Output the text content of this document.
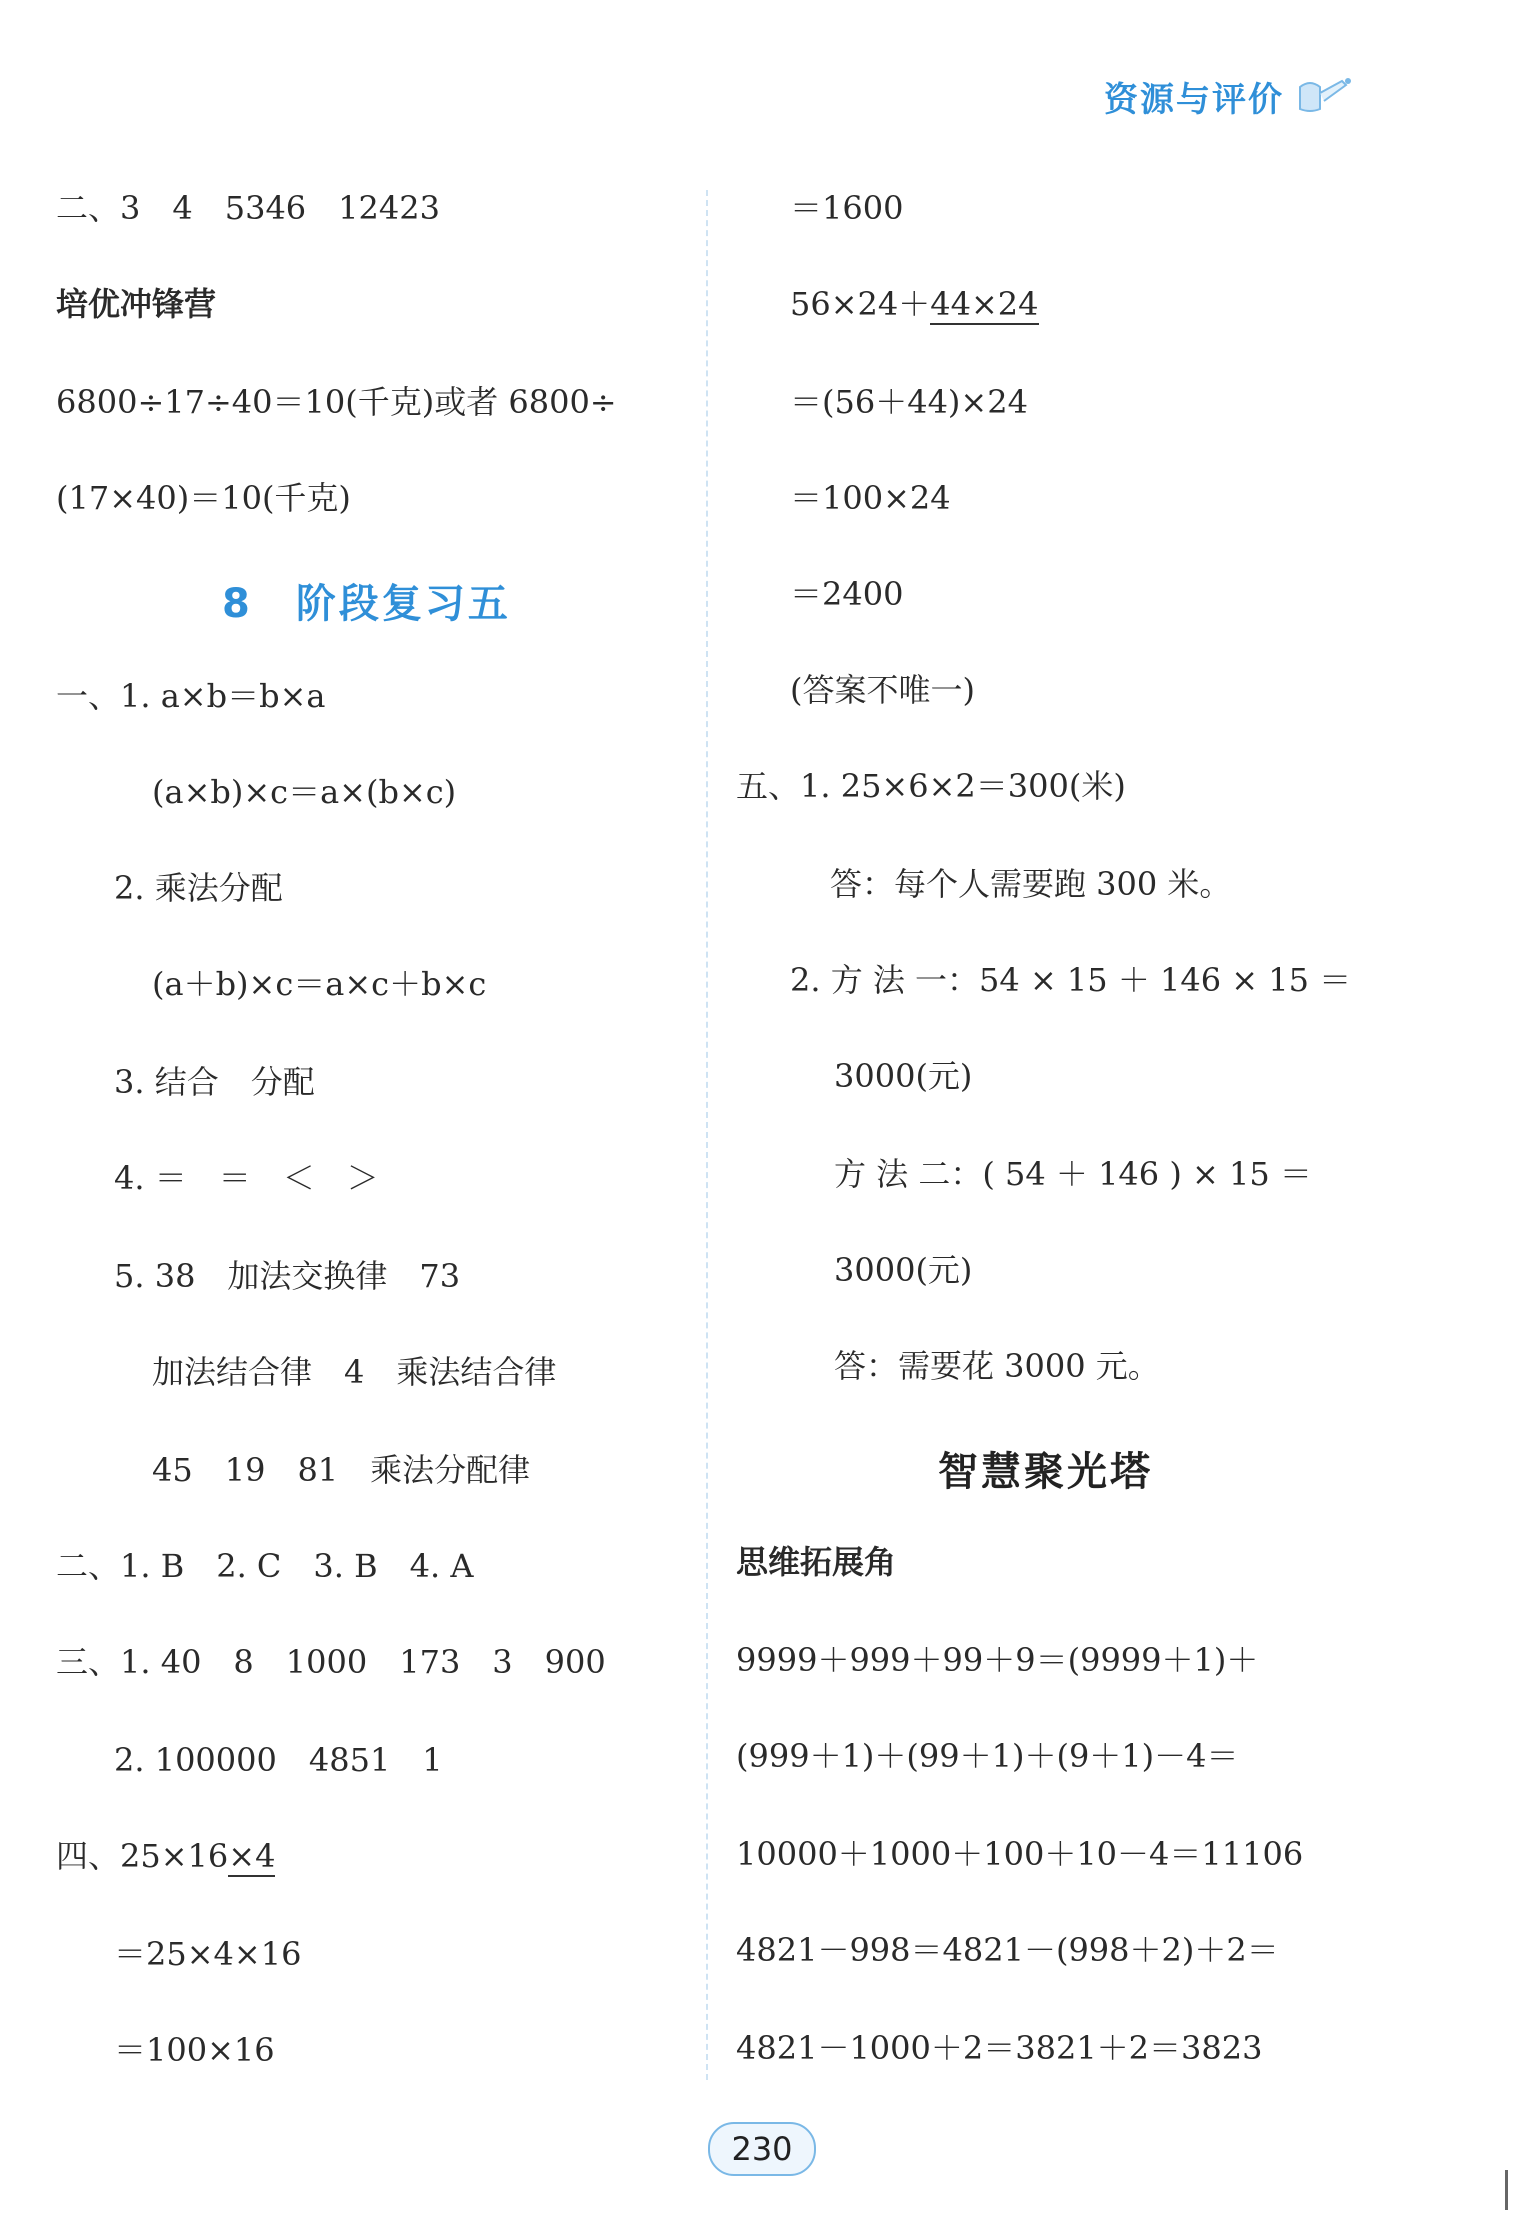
资源与评价
二、3　4　5346　12423
培优冲锋营
6800÷17÷40＝10(千克)或者 6800÷
(17×40)＝10(千克)
8　阶段复习五
一、1. a×b＝b×a
(a×b)×c＝a×(b×c)
2. 乘法分配
(a＋b)×c＝a×c＋b×c
3. 结合　分配
4. ＝　＝　＜　＞
5. 38　加法交换律　73
加法结合律　4　乘法结合律
45　19　81　乘法分配律
二、1. B　2. C　3. B　4. A
三、1. 40　8　1000　173　3　900
2. 100000　4851　1
四、25×16×4
＝25×4×16
＝100×16
＝1600
56×24＋44×24
＝(56＋44)×24
＝100×24
＝2400
(答案不唯一)
五、1. 25×6×2＝300(米)
答：每个人需要跑 300 米。
2. 方 法 一：54 × 15 ＋ 146 × 15 ＝
3000(元)
方 法 二：( 54 ＋ 146 ) × 15 ＝
3000(元)
答：需要花 3000 元。
智慧聚光塔
思维拓展角
9999＋999＋99＋9＝(9999＋1)＋
(999＋1)＋(99＋1)＋(9＋1)－4＝
10000＋1000＋100＋10－4＝11106
4821－998＝4821－(998＋2)＋2＝
4821－1000＋2＝3821＋2＝3823
230
